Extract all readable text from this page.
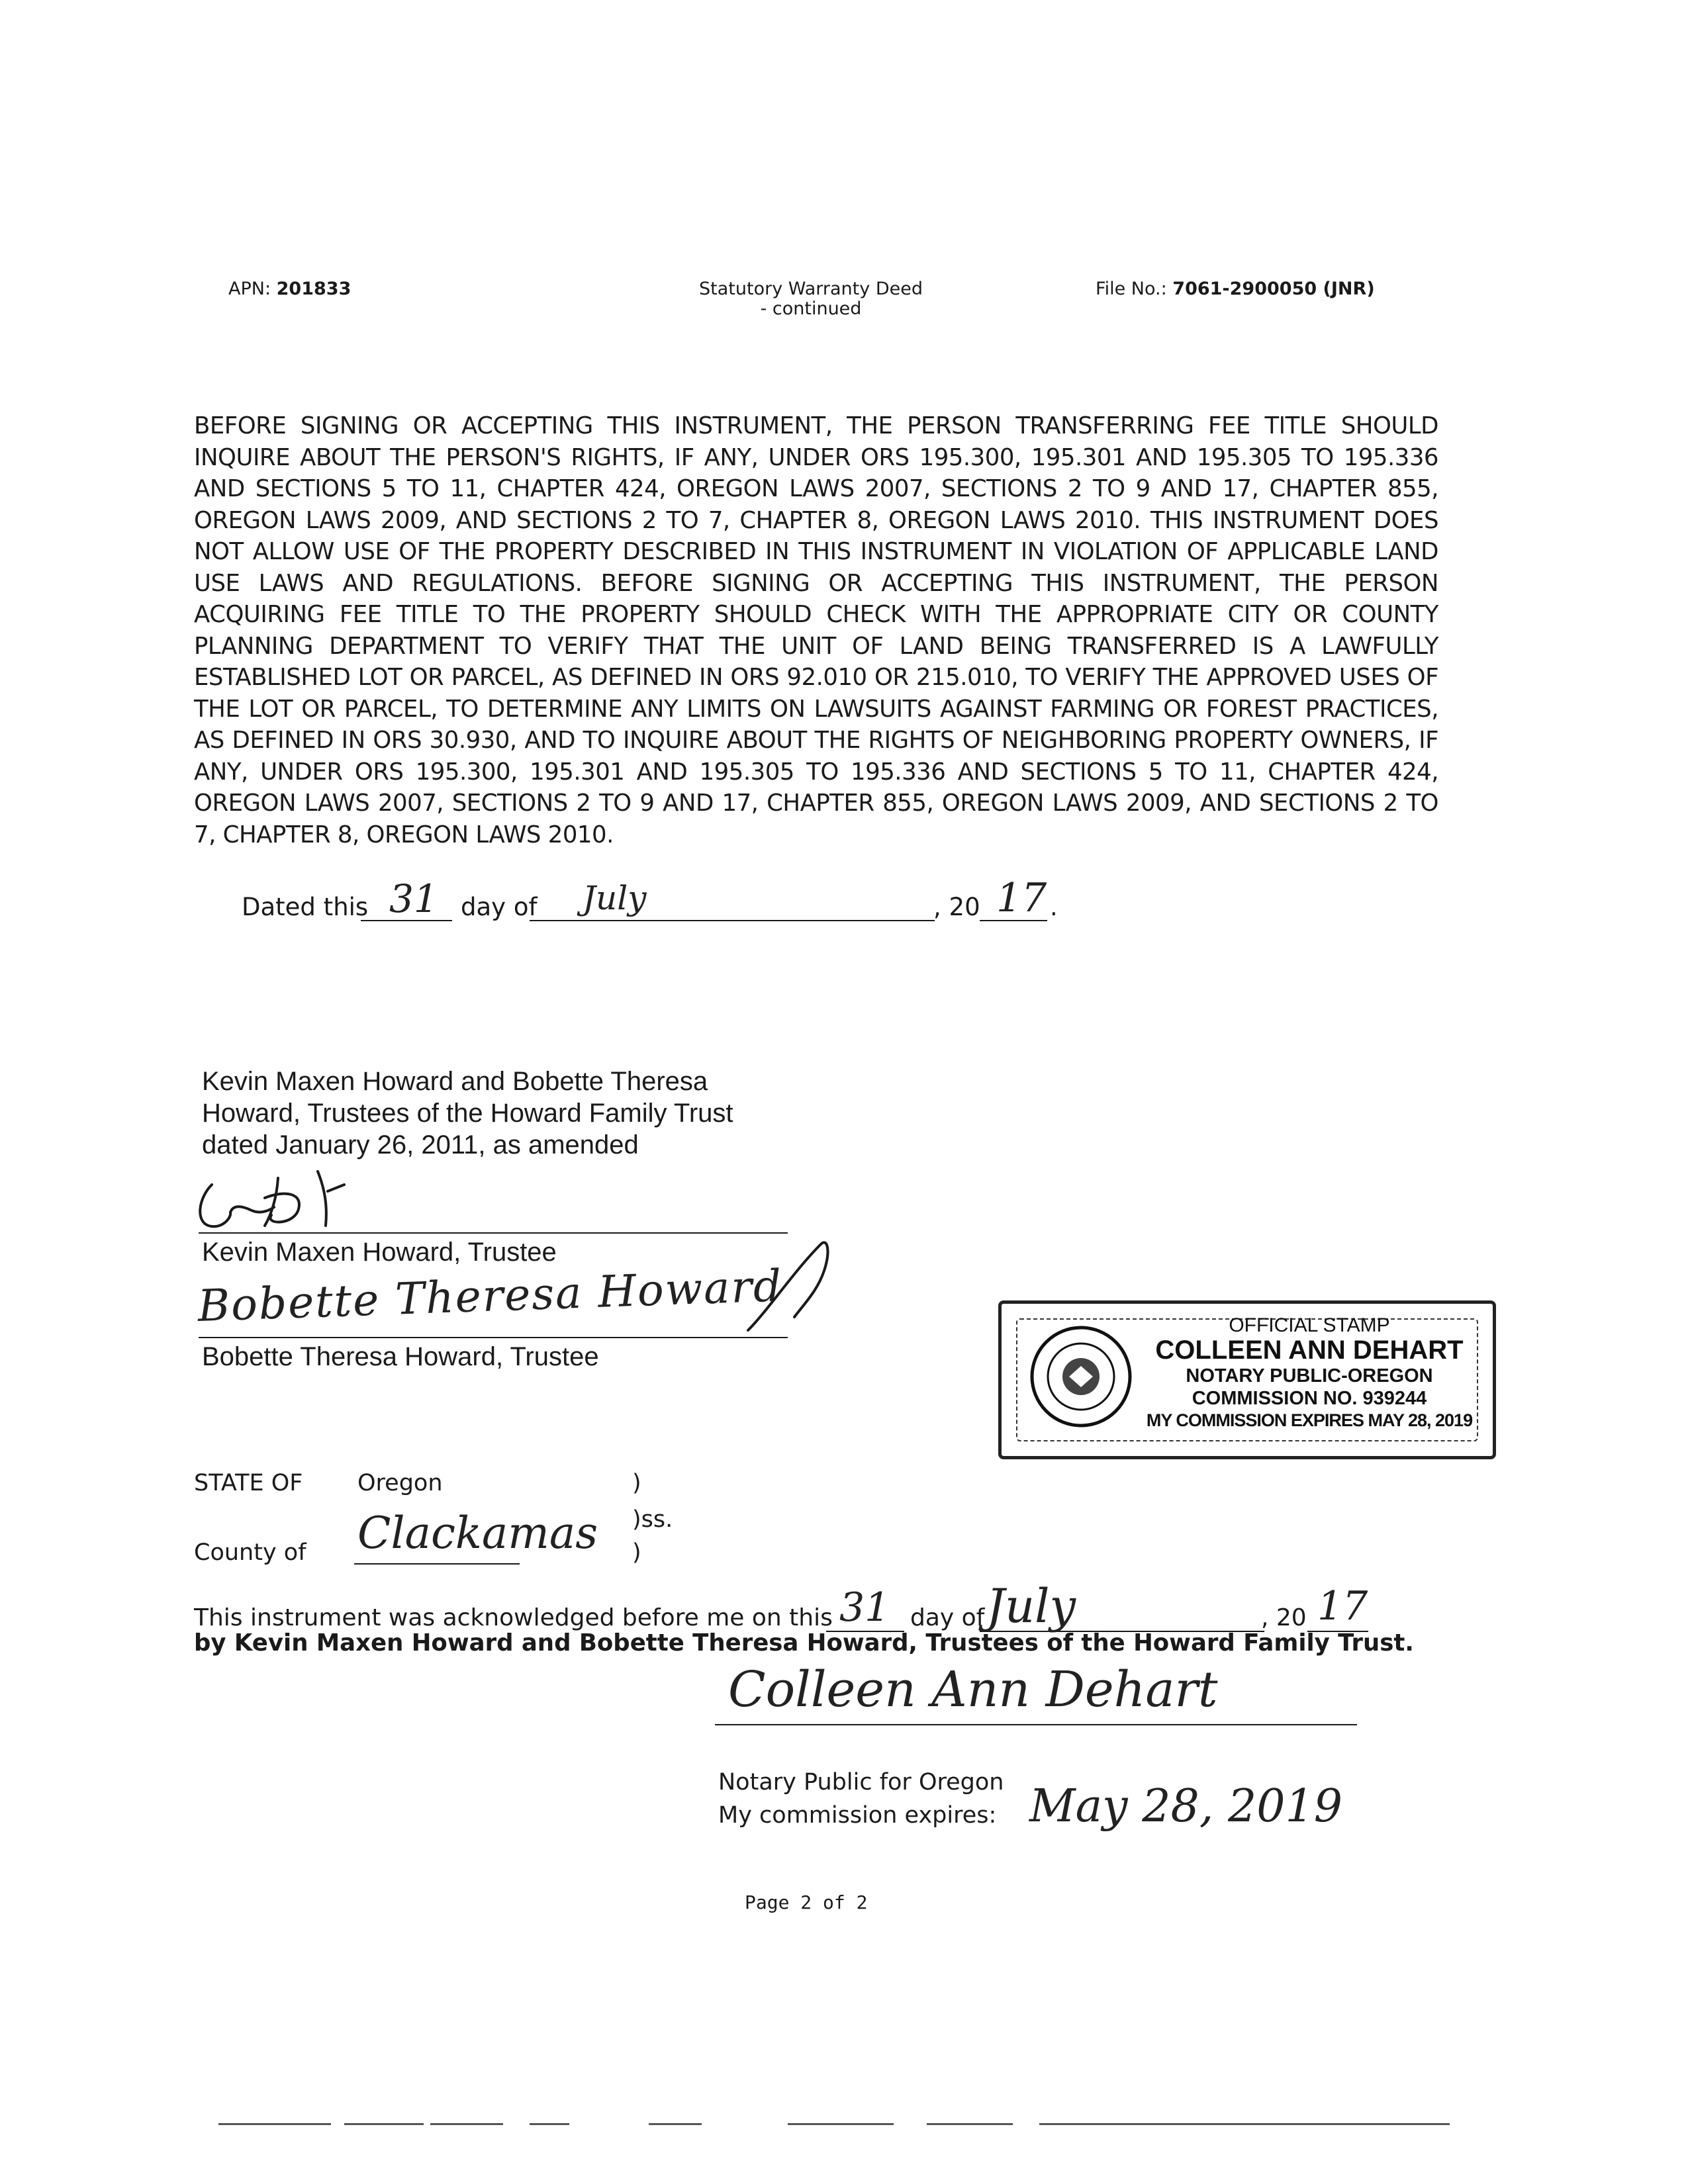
APN: 201833	Statutory Warranty Deed
- continued
File No.: 7061-2900050 (JNR)
BEFORE SIGNING OR ACCEPTING THIS INSTRUMENT, THE PERSON TRANSFERRING FEE TITLE SHOULD INQUIRE ABOUT THE PERSON'S RIGHTS, IF ANY, UNDER ORS 195.300, 195.301 AND 195.305 TO 195.336 AND SECTIONS 5 TO 11, CHAPTER 424, OREGON LAWS 2007, SECTIONS 2 TO 9 AND 17, CHAPTER 855, OREGON LAWS 2009, AND SECTIONS 2 TO 7, CHAPTER 8, OREGON LAWS 2010. THIS INSTRUMENT DOES NOT ALLOW USE OF THE PROPERTY DESCRIBED IN THIS INSTRUMENT IN VIOLATION OF APPLICABLE LAND USE LAWS AND REGULATIONS. BEFORE SIGNING OR ACCEPTING THIS INSTRUMENT, THE PERSON ACQUIRING FEE TITLE TO THE PROPERTY SHOULD CHECK WITH THE APPROPRIATE CITY OR COUNTY PLANNING DEPARTMENT TO VERIFY THAT THE UNIT OF LAND BEING TRANSFERRED IS A LAWFULLY ESTABLISHED LOT OR PARCEL, AS DEFINED IN ORS 92.010 OR 215.010, TO VERIFY THE APPROVED USES OF THE LOT OR PARCEL, TO DETERMINE ANY LIMITS ON LAWSUITS AGAINST FARMING OR FOREST PRACTICES, AS DEFINED IN ORS 30.930, AND TO INQUIRE ABOUT THE RIGHTS OF NEIGHBORING PROPERTY OWNERS, IF ANY, UNDER ORS 195.300, 195.301 AND 195.305 TO 195.336 AND SECTIONS 5 TO 11, CHAPTER 424, OREGON LAWS 2007, SECTIONS 2 TO 9 AND 17, CHAPTER 855, OREGON LAWS 2009, AND SECTIONS 2 TO 7, CHAPTER 8, OREGON LAWS 2010.
Dated this 31 day of July	, 20 17 .
Kevin Maxen Howard and Bobette Theresa
Howard, Trustees of the Howard Family Trust
dated January 26, 2011, as amended
Kevin Maxen Howard, Trustee
Bobette Theresa Howard
Bobette Theresa Howard, Trustee
OFFICIAL STAMP
COLLEEN ANN DEHART
NOTARY PUBLIC-OREGON
COMMISSION NO. 939244
MY COMMISSION EXPIRES MAY 28, 2019
STATE OF Oregon	)
)ss.
County of Clackamas )
This instrument was acknowledged before me on this 31 day of July	, 20 17
by Kevin Maxen Howard and Bobette Theresa Howard, Trustees of the Howard Family Trust.
Colleen Ann Dehart
Notary Public for Oregon
My commission expires: May 28, 2019
Page 2 of 2
